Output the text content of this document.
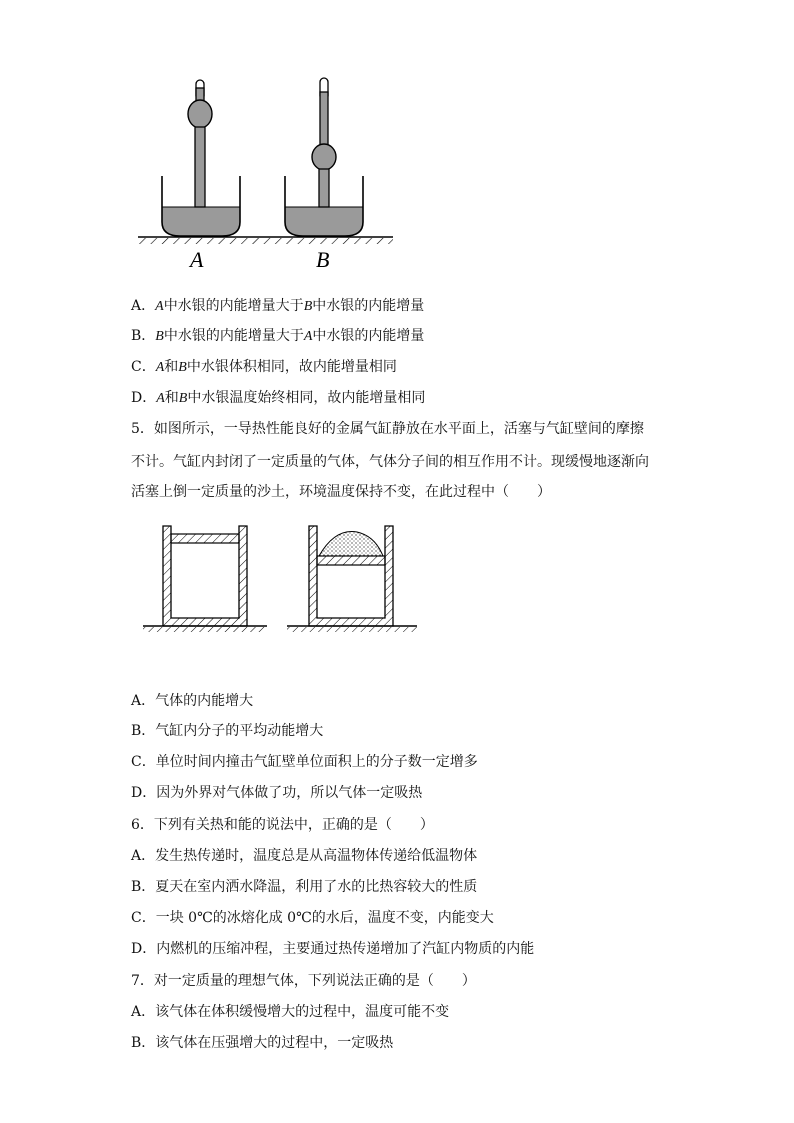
A	B
A．A中水银的内能增量大于B中水银的内能增量
B．B中水银的内能增量大于A中水银的内能增量
C．A和B中水银体积相同，故内能增量相同
D．A和B中水银温度始终相同，故内能增量相同
5．如图所示，一导热性能良好的金属气缸静放在水平面上，活塞与气缸壁间的摩擦
不计。气缸内封闭了一定质量的气体，气体分子间的相互作用不计。现缓慢地逐渐向
活塞上倒一定质量的沙土，环境温度保持不变，在此过程中（　　）
A．气体的内能增大
B．气缸内分子的平均动能增大
C．单位时间内撞击气缸壁单位面积上的分子数一定增多
D．因为外界对气体做了功，所以气体一定吸热
6．下列有关热和能的说法中，正确的是（　　）
A．发生热传递时，温度总是从高温物体传递给低温物体
B．夏天在室内洒水降温，利用了水的比热容较大的性质
C．一块 0℃的冰熔化成 0℃的水后，温度不变，内能变大
D．内燃机的压缩冲程，主要通过热传递增加了汽缸内物质的内能
7．对一定质量的理想气体，下列说法正确的是（　　）
A．该气体在体积缓慢增大的过程中，温度可能不变
B．该气体在压强增大的过程中，一定吸热
